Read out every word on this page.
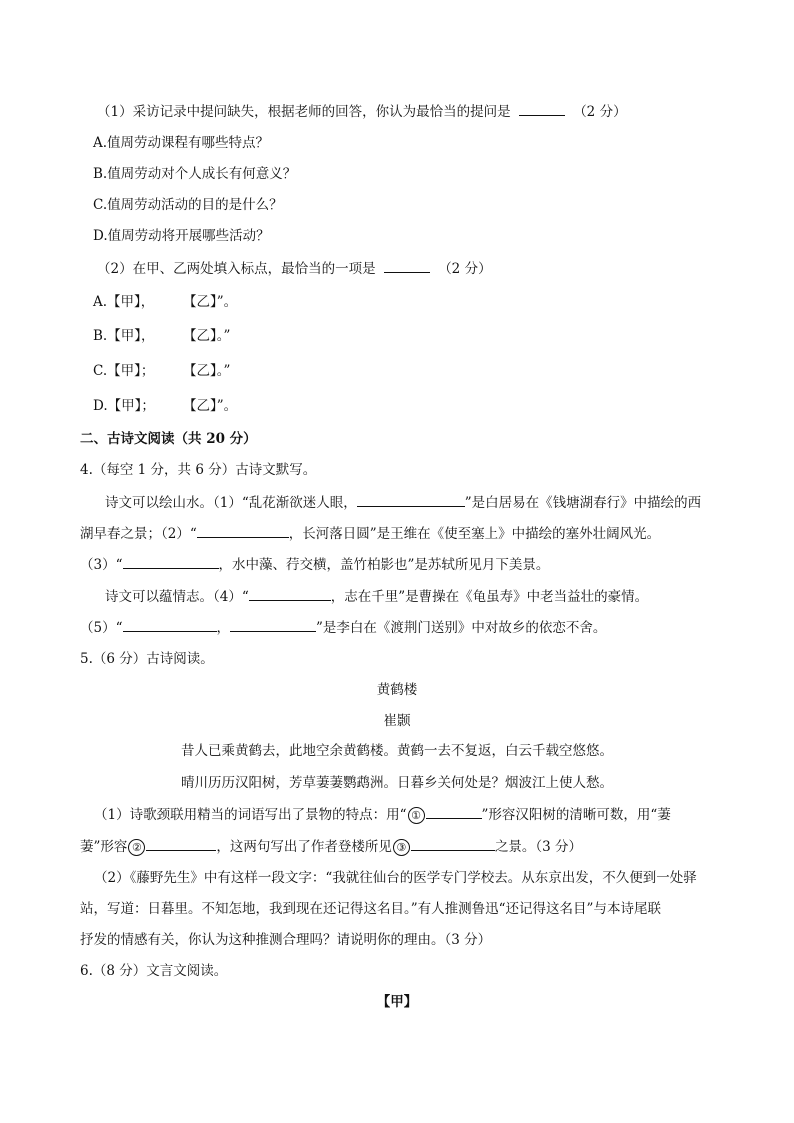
（1）采访记录中提问缺失，根据老师的回答，你认为最恰当的提问是	（2 分）
A.值周劳动课程有哪些特点？
B.值周劳动对个人成长有何意义？
C.值周劳动活动的目的是什么？
D.值周劳动将开展哪些活动？
（2）在甲、乙两处填入标点，最恰当的一项是	（2 分）
A.【甲】， 【乙】”。
B.【甲】， 【乙】。”
C.【甲】； 【乙】。”
D.【甲】； 【乙】”。
二、古诗文阅读（共 20 分）
4.（每空 1 分，共 6 分）古诗文默写。
诗文可以绘山水。（1）“乱花渐欲迷人眼，	”是白居易在《钱塘湖春行》中描绘的西
湖早春之景；（2）“	，长河落日圆”是王维在《使至塞上》中描绘的塞外壮阔风光。
（3）“	，水中藻、荇交横，盖竹柏影也”是苏轼所见月下美景。
诗文可以蕴情志。（4）“	，志在千里”是曹操在《龟虽寿》中老当益壮的豪情。
（5）“	，	”是李白在《渡荆门送别》中对故乡的依恋不舍。
5.（6 分）古诗阅读。
黄鹤楼
崔颢
昔人已乘黄鹤去，此地空余黄鹤楼。黄鹤一去不复返，白云千载空悠悠。
晴川历历汉阳树，芳草萋萋鹦鹉洲。日暮乡关何处是？烟波江上使人愁。
（1）诗歌颈联用精当的词语写出了景物的特点：用“ ①	”形容汉阳树的清晰可数，用“萋
萋”形容 ②	，这两句写出了作者登楼所见 ③	之景。（3 分）
（2）《藤野先生》中有这样一段文字：“我就往仙台的医学专门学校去。从东京出发，不久便到一处驿
站，写道：日暮里。不知怎地，我到现在还记得这名目。”有人推测鲁迅“还记得这名目”与本诗尾联
抒发的情感有关，你认为这种推测合理吗？请说明你的理由。（3 分）
6.（8 分）文言文阅读。
【甲】
